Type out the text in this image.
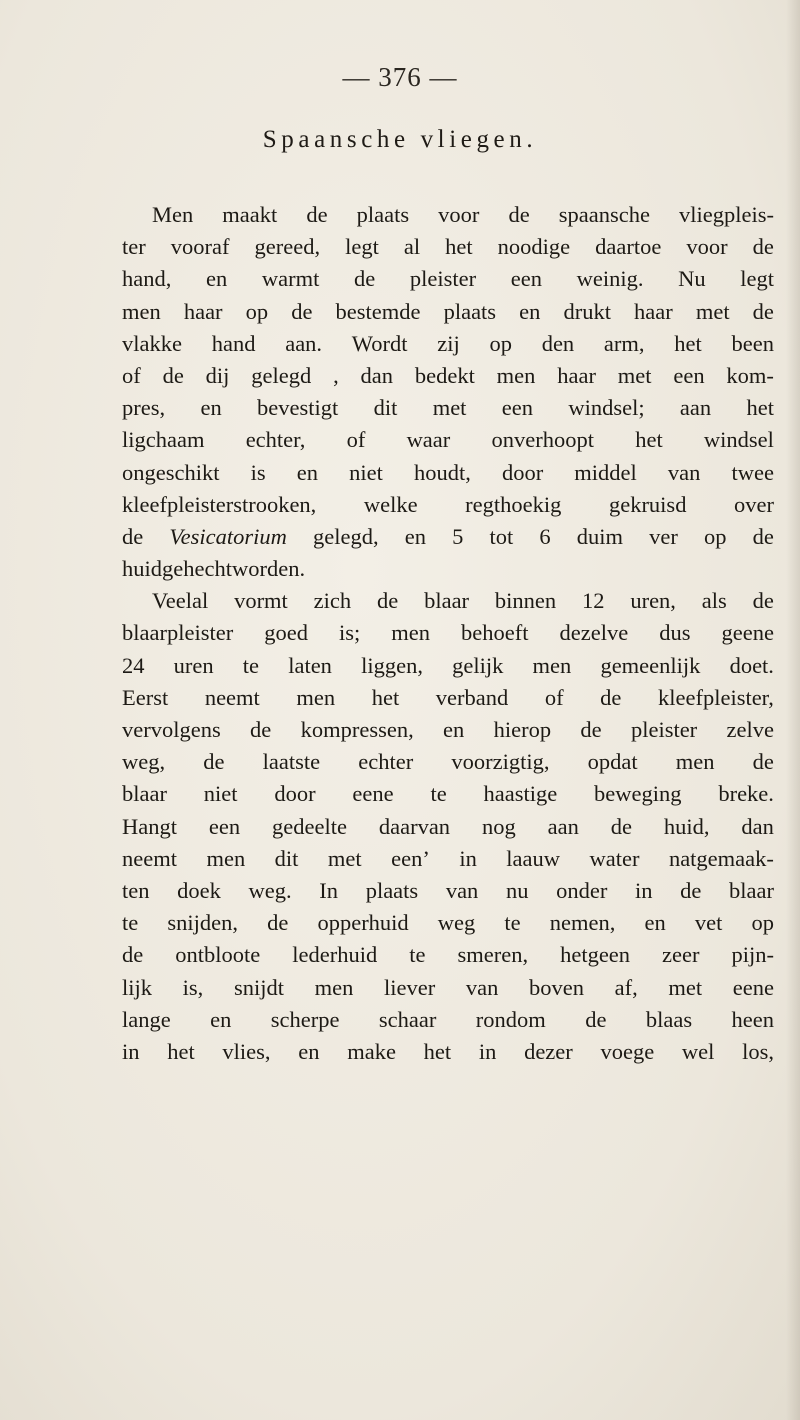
— 376 —
Spaansche vliegen.
Men maakt de plaats voor de spaansche vliegpleis-
ter vooraf gereed, legt al het noodige daartoe voor de
hand, en warmt de pleister een weinig. Nu legt
men haar op de bestemde plaats en drukt haar met de
vlakke hand aan. Wordt zij op den arm, het been
of de dij gelegd , dan bedekt men haar met een kom-
pres, en bevestigt dit met een windsel; aan het
ligchaam echter, of waar onverhoopt het windsel
ongeschikt is en niet houdt, door middel van twee
kleefpleisterstrooken, welke regthoekig gekruisd over
de Vesicatorium gelegd, en 5 tot 6 duim ver op de
huid gehecht worden.
Veelal vormt zich de blaar binnen 12 uren, als de
blaarpleister goed is; men behoeft dezelve dus geene
24 uren te laten liggen, gelijk men gemeenlijk doet.
Eerst neemt men het verband of de kleefpleister,
vervolgens de kompressen, en hierop de pleister zelve
weg, de laatste echter voorzigtig, opdat men de
blaar niet door eene te haastige beweging breke.
Hangt een gedeelte daarvan nog aan de huid, dan
neemt men dit met een’ in laauw water natgemaak-
ten doek weg. In plaats van nu onder in de blaar
te snijden, de opperhuid weg te nemen, en vet op
de ontbloote lederhuid te smeren, hetgeen zeer pijn-
lijk is, snijdt men liever van boven af, met eene
lange en scherpe schaar rondom de blaas heen
in het vlies, en make het in dezer voege wel los,
